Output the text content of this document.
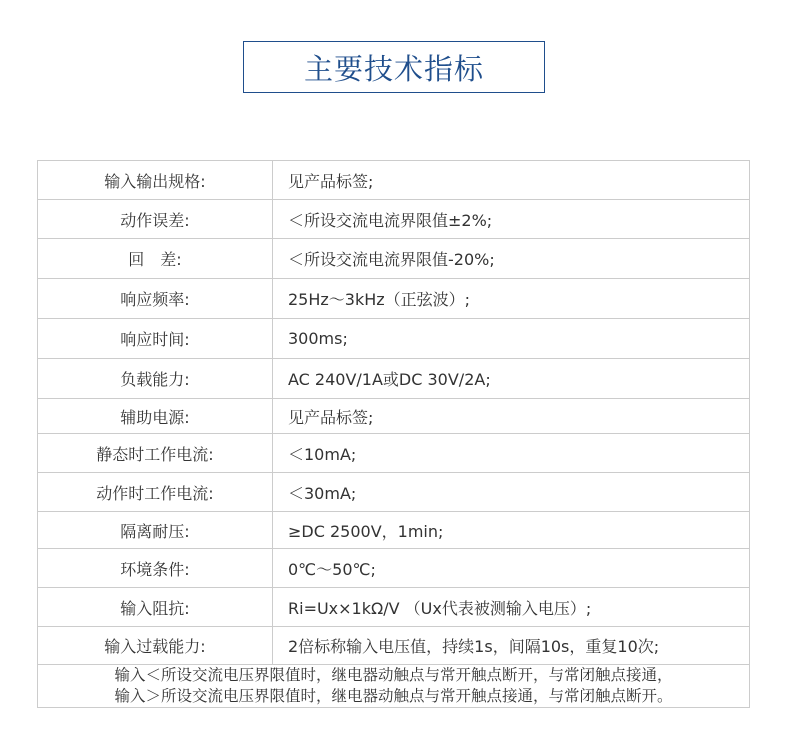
主要技术指标
输入输出规格:	见产品标签;
动作误差:	＜所设交流电流界限值±2%;
回　差:	＜所设交流电流界限值-20%;
响应频率:	25Hz～3kHz（正弦波）;
响应时间:	300ms;
负载能力:	AC 240V/1A或DC 30V/2A;
辅助电源:	见产品标签;
静态时工作电流:	＜10mA;
动作时工作电流:	＜30mA;
隔离耐压:	≥DC 2500V，1min;
环境条件:	0℃～50℃;
输入阻抗:	Ri=Ux×1kΩ/V （Ux代表被测输入电压）;
输入过载能力:	2倍标称输入电压值，持续1s，间隔10s，重复10次;

输入＜所设交流电压界限值时，继电器动触点与常开触点断开，与常闭触点接通，
输入＞所设交流电压界限值时，继电器动触点与常开触点接通，与常闭触点断开。	
